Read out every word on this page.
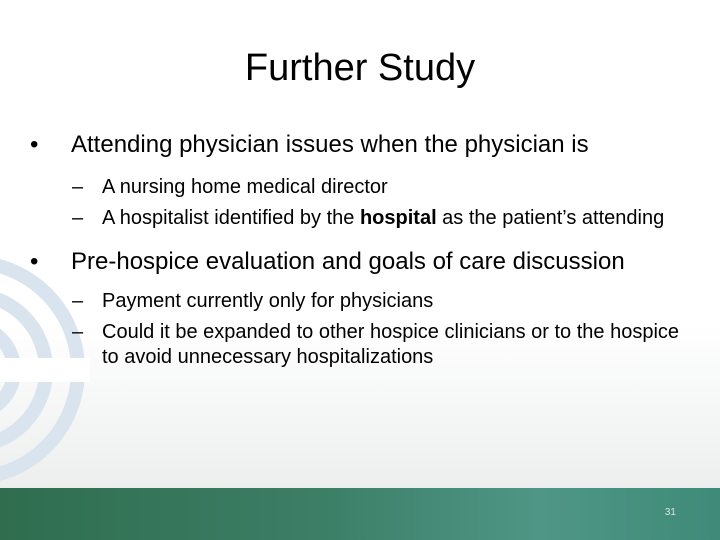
Further Study
• Attending physician issues when the physician is
– A nursing home medical director
– A hospitalist identified by the hospital as the patient’s attending
• Pre-hospice evaluation and goals of care discussion
– Payment currently only for physicians
– Could it be expanded to other hospice clinicians or to the hospice to avoid unnecessary hospitalizations
31
